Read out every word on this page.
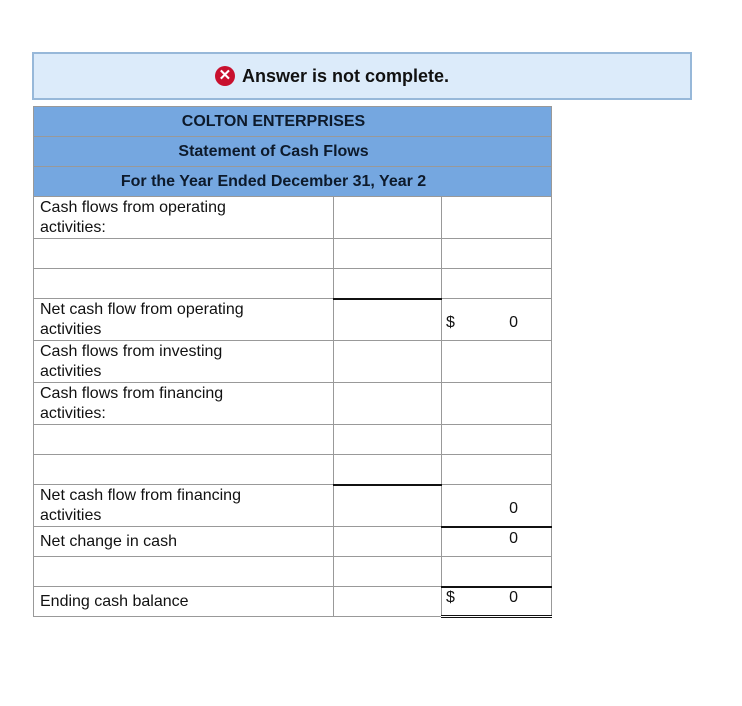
✕ Answer is not complete.
COLTON ENTERPRISES		
Statement of Cash Flows		
For the Year Ended December 31, Year 2		

Cash flows from operating activities:		

Net cash flow from operating activities		$ 0

Cash flows from investing activities		

Cash flows from financing activities:		

Net cash flow from financing activities		0

Net change in cash		0

Ending cash balance		$ 0
